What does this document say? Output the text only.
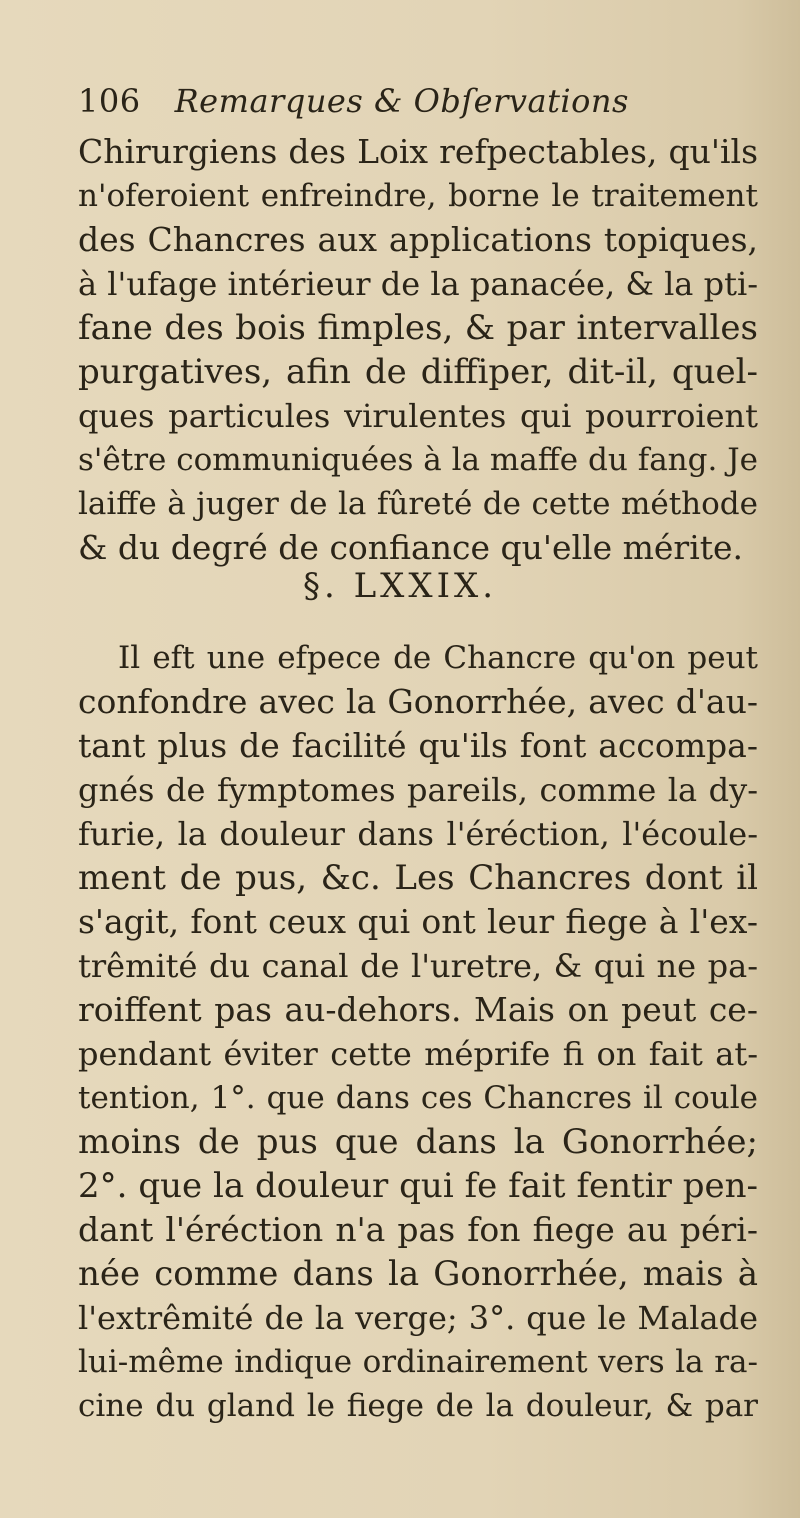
106 Remarques & Obſervations
Chirurgiens des Loix refpectables, qu'ils
n'oferoient enfreindre, borne le traitement
des Chancres aux applications topiques,
à l'ufage intérieur de la panacée, & la pti-
fane des bois fimples, & par intervalles
purgatives, afin de diffiper, dit-il, quel-
ques particules virulentes qui pourroient
s'être communiquées à la maffe du fang. Je
laiffe à juger de la fûreté de cette méthode
& du degré de confiance qu'elle mérite.
§. LXXIX.
Il eft une efpece de Chancre qu'on peut
confondre avec la Gonorrhée, avec d'au-
tant plus de facilité qu'ils font accompa-
gnés de fymptomes pareils, comme la dy-
furie, la douleur dans l'éréction, l'écoule-
ment de pus, &c. Les Chancres dont il
s'agit, font ceux qui ont leur fiege à l'ex-
trêmité du canal de l'uretre, & qui ne pa-
roiffent pas au-dehors. Mais on peut ce-
pendant éviter cette méprife fi on fait at-
tention, 1°. que dans ces Chancres il coule
moins de pus que dans la Gonorrhée;
2°. que la douleur qui fe fait fentir pen-
dant l'éréction n'a pas fon fiege au péri-
née comme dans la Gonorrhée, mais à
l'extrêmité de la verge; 3°. que le Malade
lui-même indique ordinairement vers la ra-
cine du gland le fiege de la douleur, & par
